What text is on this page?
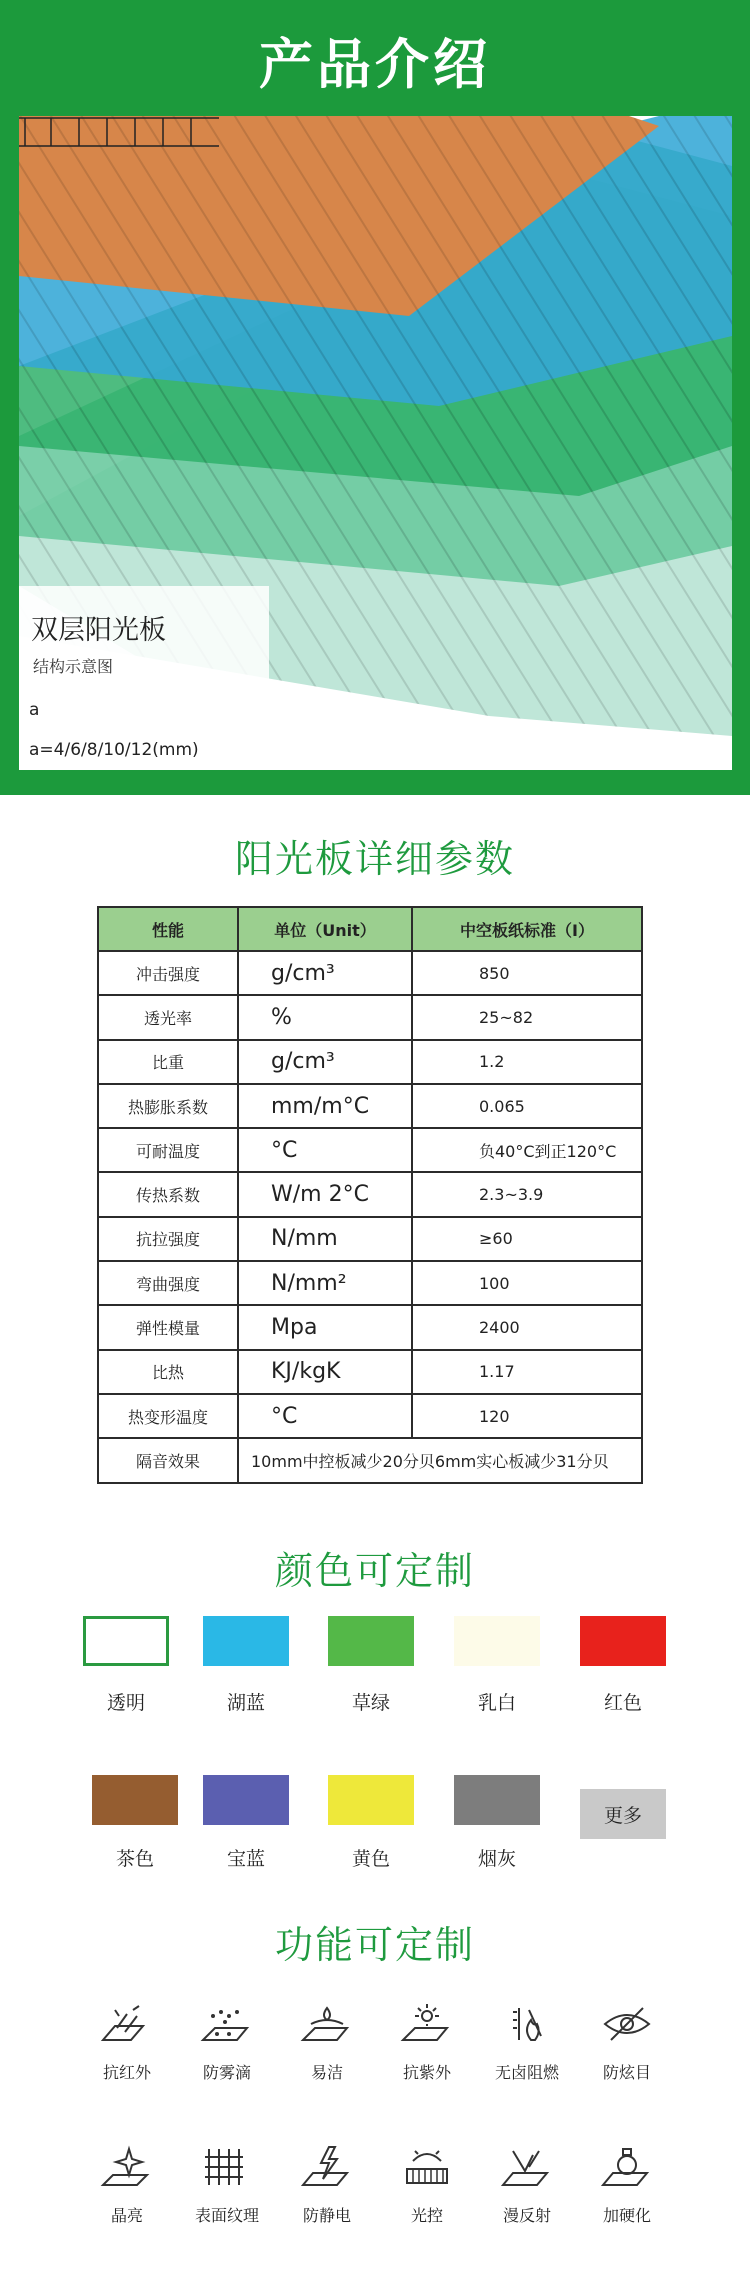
产品介绍
双层阳光板
结构示意图
a
a=4/6/8/10/12(mm)
阳光板详细参数
性能	单位（Unit）	中空板纸标准（I）
冲击强度	g/cm³	850
透光率	%	25~82
比重	g/cm³	1.2
热膨胀系数	mm/m°C	0.065
可耐温度	°C	负40°C到正120°C
传热系数	W/m 2°C	2.3~3.9
抗拉强度	N/mm	≥60
弯曲强度	N/mm²	100
弹性模量	Mpa	2400
比热	KJ/kgK	1.17
热变形温度	°C	120
隔音效果	10mm中控板减少20分贝6mm实心板减少31分贝	
颜色可定制
透明	湖蓝	草绿	乳白	红色
茶色	宝蓝	黄色	烟灰
更多
功能可定制
抗红外	防雾滴	易洁	抗紫外	无卤阻燃	防炫目
晶亮	表面纹理	防静电	光控	漫反射	加硬化
